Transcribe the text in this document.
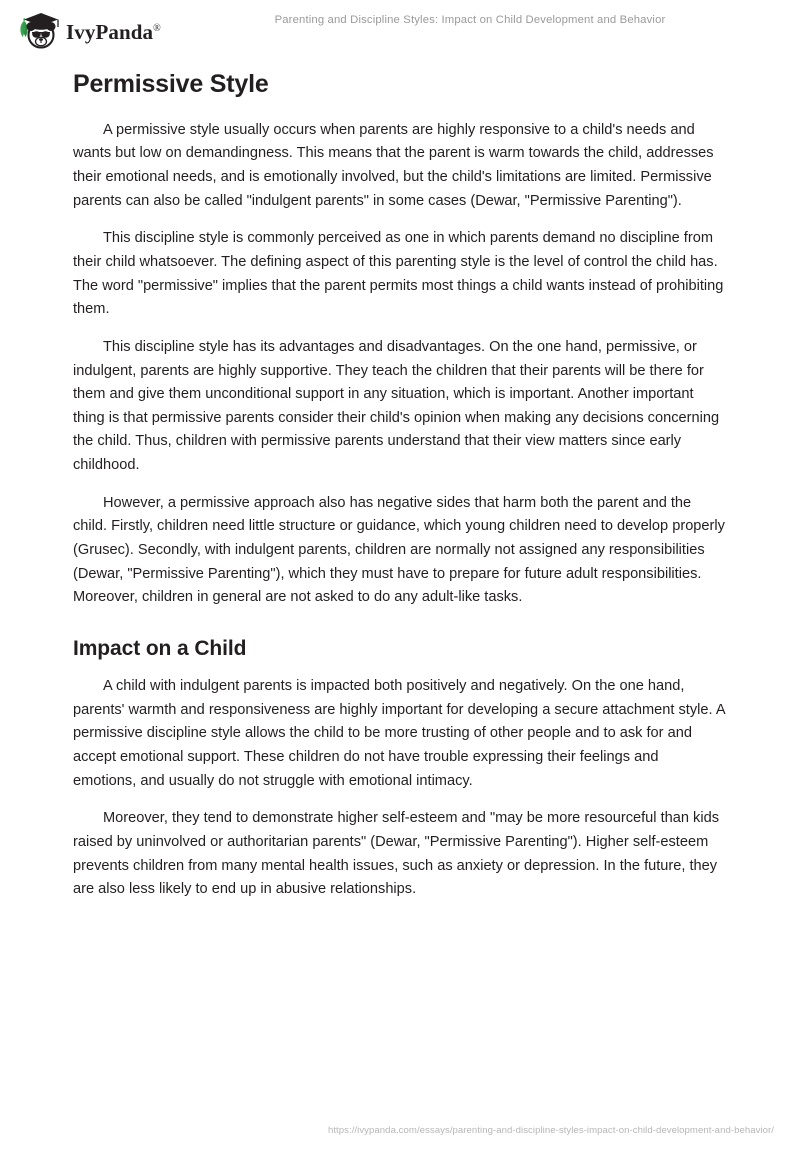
IvyPanda®
Parenting and Discipline Styles: Impact on Child Development and Behavior
Permissive Style

A permissive style usually occurs when parents are highly responsive to a child's needs and wants but low on demandingness. This means that the parent is warm towards the child, addresses their emotional needs, and is emotionally involved, but the child's limitations are limited. Permissive parents can also be called "indulgent parents" in some cases (Dewar, "Permissive Parenting").

This discipline style is commonly perceived as one in which parents demand no discipline from their child whatsoever. The defining aspect of this parenting style is the level of control the child has. The word "permissive" implies that the parent permits most things a child wants instead of prohibiting them.

This discipline style has its advantages and disadvantages. On the one hand, permissive, or indulgent, parents are highly supportive. They teach the children that their parents will be there for them and give them unconditional support in any situation, which is important. Another important thing is that permissive parents consider their child's opinion when making any decisions concerning the child. Thus, children with permissive parents understand that their view matters since early childhood.

However, a permissive approach also has negative sides that harm both the parent and the child. Firstly, children need little structure or guidance, which young children need to develop properly (Grusec). Secondly, with indulgent parents, children are normally not assigned any responsibilities (Dewar, "Permissive Parenting"), which they must have to prepare for future adult responsibilities. Moreover, children in general are not asked to do any adult-like tasks.

Impact on a Child

A child with indulgent parents is impacted both positively and negatively. On the one hand, parents' warmth and responsiveness are highly important for developing a secure attachment style. A permissive discipline style allows the child to be more trusting of other people and to ask for and accept emotional support. These children do not have trouble expressing their feelings and emotions, and usually do not struggle with emotional intimacy.

Moreover, they tend to demonstrate higher self-esteem and "may be more resourceful than kids raised by uninvolved or authoritarian parents" (Dewar, "Permissive Parenting"). Higher self-esteem prevents children from many mental health issues, such as anxiety or depression. In the future, they are also less likely to end up in abusive relationships.

https://ivypanda.com/essays/parenting-and-discipline-styles-impact-on-child-development-and-behavior/
